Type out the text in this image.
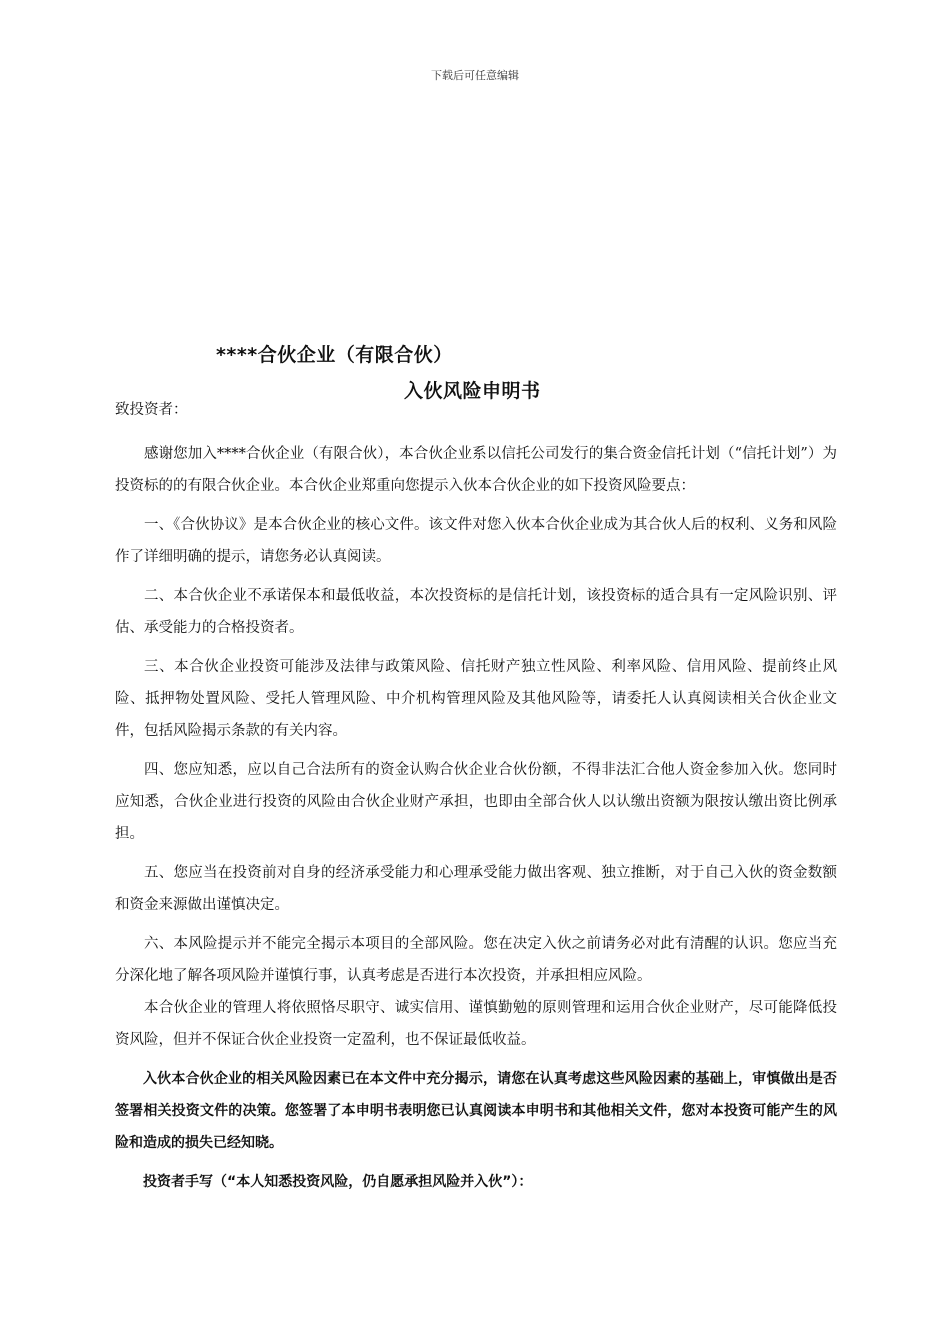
下载后可任意编辑
****合伙企业（有限合伙）
入伙风险申明书
致投资者：

感谢您加入****合伙企业（有限合伙），本合伙企业系以信托公司发行的集合资金信托计划（“信托计划”）为投资标的的有限合伙企业。本合伙企业郑重向您提示入伙本合伙企业的如下投资风险要点：

一、《合伙协议》是本合伙企业的核心文件。该文件对您入伙本合伙企业成为其合伙人后的权利、义务和风险作了详细明确的提示，请您务必认真阅读。

二、本合伙企业不承诺保本和最低收益，本次投资标的是信托计划，该投资标的适合具有一定风险识别、评估、承受能力的合格投资者。

三、本合伙企业投资可能涉及法律与政策风险、信托财产独立性风险、利率风险、信用风险、提前终止风险、抵押物处置风险、受托人管理风险、中介机构管理风险及其他风险等，请委托人认真阅读相关合伙企业文件，包括风险揭示条款的有关内容。

四、您应知悉，应以自己合法所有的资金认购合伙企业合伙份额，不得非法汇合他人资金参加入伙。您同时应知悉，合伙企业进行投资的风险由合伙企业财产承担，也即由全部合伙人以认缴出资额为限按认缴出资比例承担。

五、您应当在投资前对自身的经济承受能力和心理承受能力做出客观、独立推断，对于自己入伙的资金数额和资金来源做出谨慎决定。

六、本风险提示并不能完全揭示本项目的全部风险。您在决定入伙之前请务必对此有清醒的认识。您应当充分深化地了解各项风险并谨慎行事，认真考虑是否进行本次投资，并承担相应风险。

本合伙企业的管理人将依照恪尽职守、诚实信用、谨慎勤勉的原则管理和运用合伙企业财产，尽可能降低投资风险，但并不保证合伙企业投资一定盈利，也不保证最低收益。

入伙本合伙企业的相关风险因素已在本文件中充分揭示，请您在认真考虑这些风险因素的基础上，审慎做出是否签署相关投资文件的决策。您签署了本申明书表明您已认真阅读本申明书和其他相关文件，您对本投资可能产生的风险和造成的损失已经知晓。

投资者手写（“本人知悉投资风险，仍自愿承担风险并入伙”）：
